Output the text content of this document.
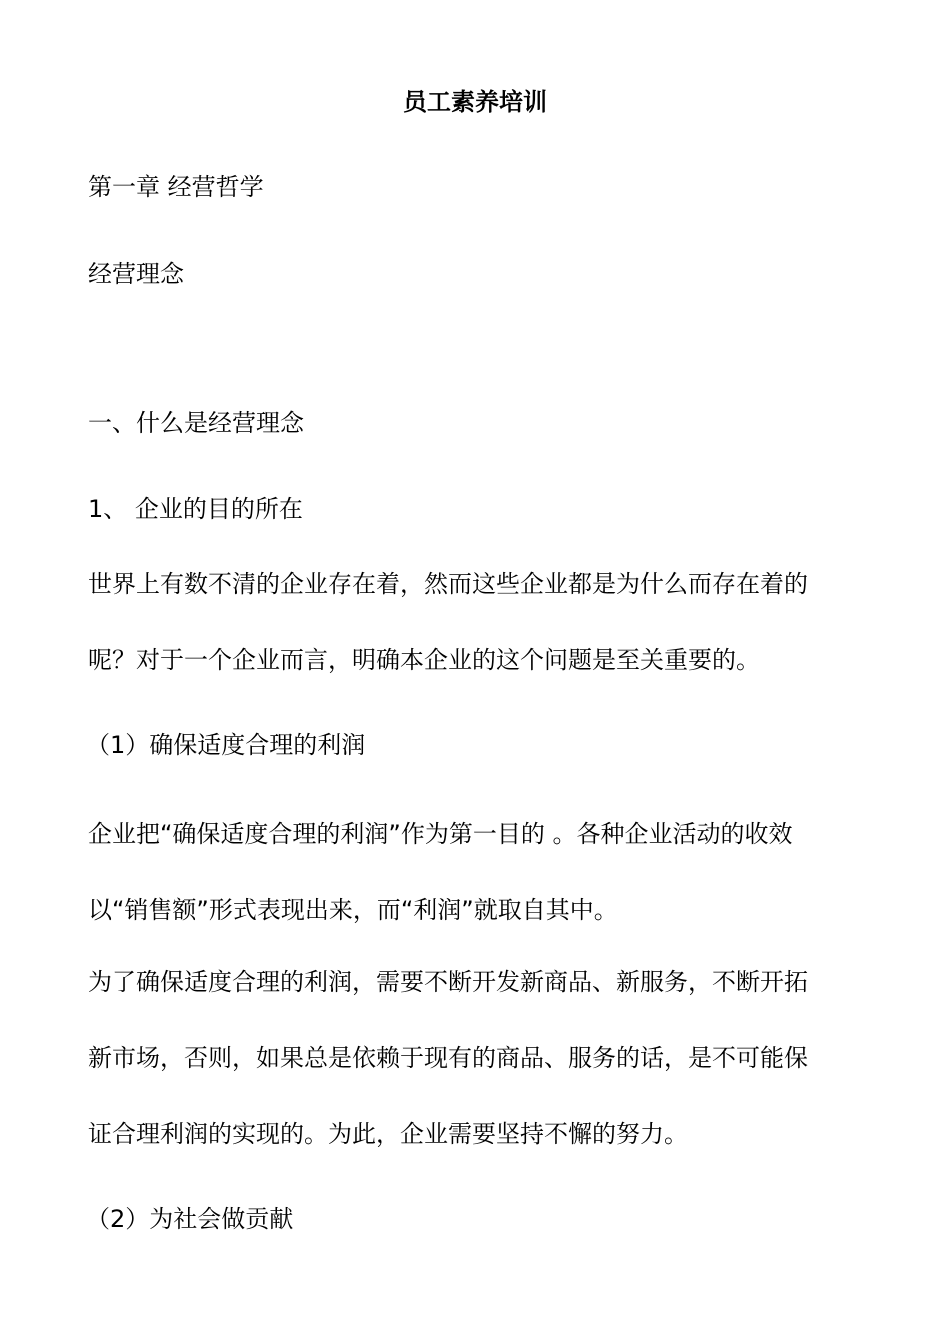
员工素养培训

第一章 经营哲学

经营理念

一、什么是经营理念

1、 企业的目的所在

世界上有数不清的企业存在着，然而这些企业都是为什么而存在着的

呢？对于一个企业而言，明确本企业的这个问题是至关重要的。

（1）确保适度合理的利润

企业把“确保适度合理的利润”作为第一目的 。各种企业活动的收效

以“销售额”形式表现出来，而“利润”就取自其中。

为了确保适度合理的利润，需要不断开发新商品、新服务，不断开拓

新市场，否则，如果总是依赖于现有的商品、服务的话，是不可能保

证合理利润的实现的。为此，企业需要坚持不懈的努力。

（2）为社会做贡献
